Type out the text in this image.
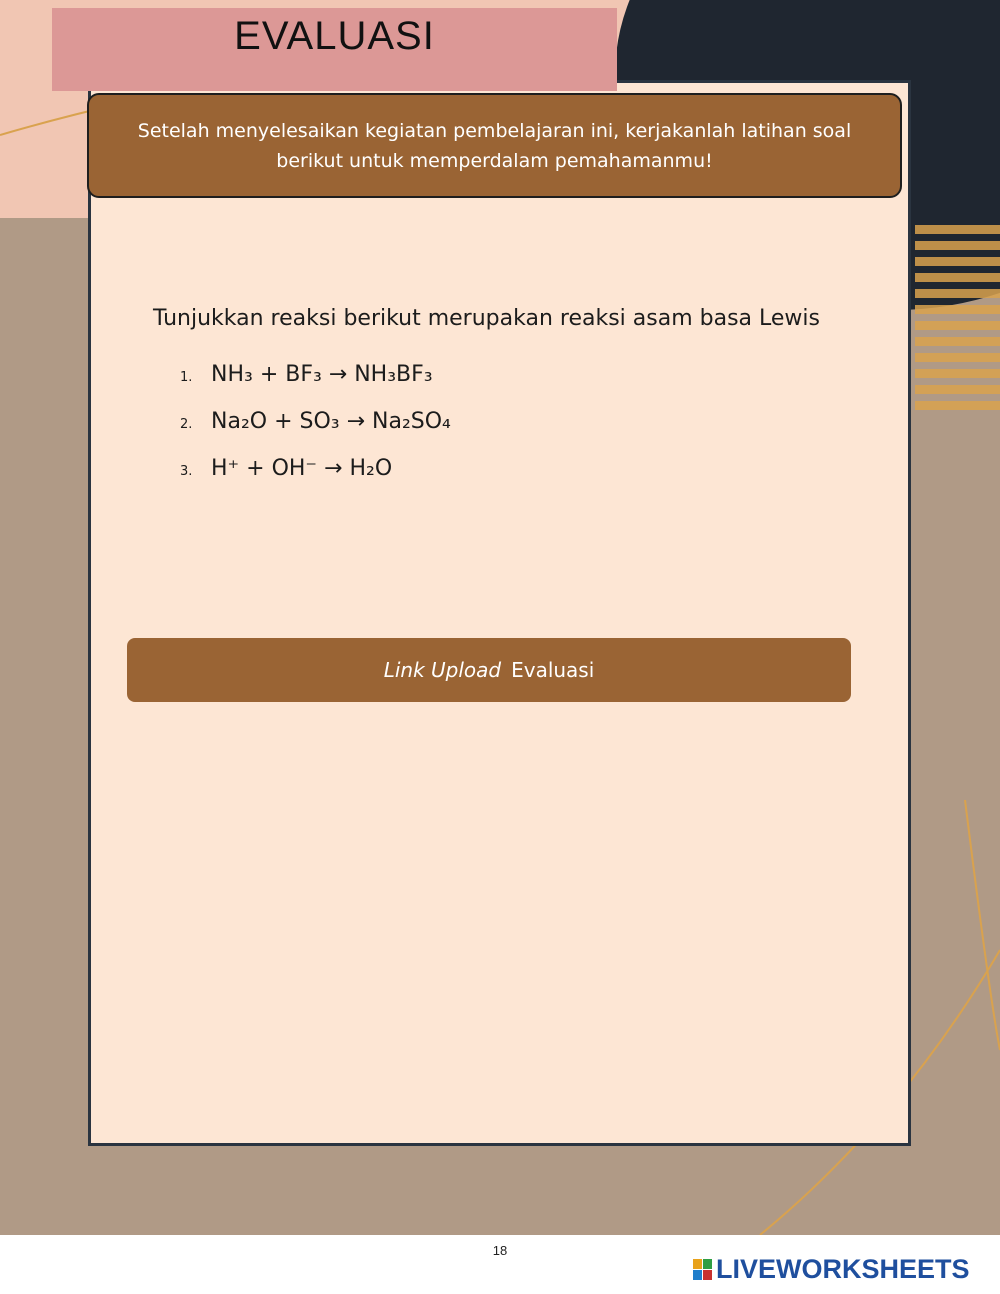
EVALUASI
Setelah menyelesaikan kegiatan pembelajaran ini, kerjakanlah latihan soal berikut untuk memperdalam pemahamanmu!
Tunjukkan reaksi berikut merupakan reaksi asam basa Lewis
1. NH₃ + BF₃ → NH₃BF₃
2. Na₂O + SO₃ → Na₂SO₄
3. H⁺ + OH⁻ → H₂O
Link Upload Evaluasi
18
LIVEWORKSHEETS
